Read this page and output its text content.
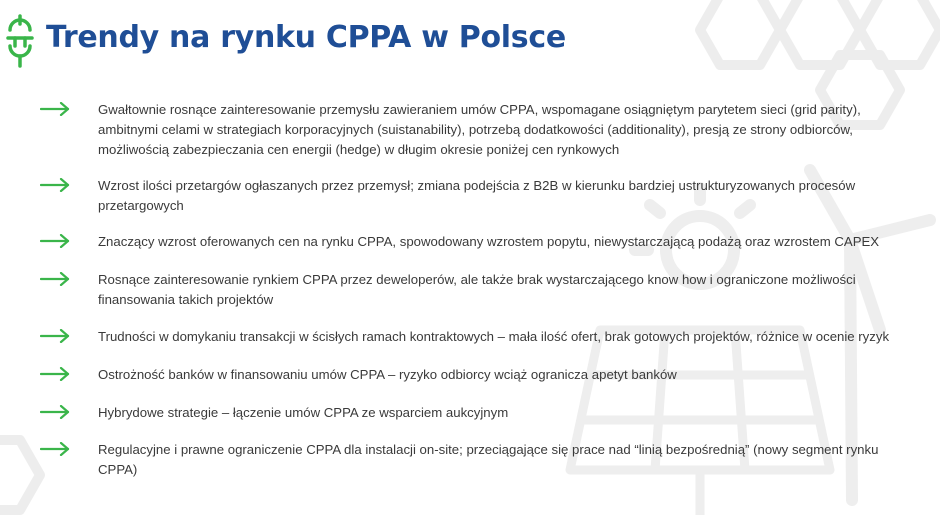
Trendy na rynku CPPA w Polsce
Gwałtownie rosnące zainteresowanie przemysłu zawieraniem umów CPPA, wspomagane osiągniętym parytetem sieci (grid parity), ambitnymi celami w strategiach korporacyjnych (suistanability), potrzebą dodatkowości (additionality), presją ze strony odbiorców, możliwością zabezpieczania cen energii (hedge) w długim okresie poniżej cen rynkowych
Wzrost ilości przetargów ogłaszanych przez przemysł; zmiana podejścia z B2B w kierunku bardziej ustrukturyzowanych procesów przetargowych
Znaczący wzrost oferowanych cen na rynku CPPA, spowodowany wzrostem popytu, niewystarczającą podażą oraz wzrostem CAPEX
Rosnące zainteresowanie rynkiem CPPA przez deweloperów, ale także brak wystarczającego know how i ograniczone możliwości finansowania takich projektów
Trudności w domykaniu transakcji w ścisłych ramach kontraktowych – mała ilość ofert, brak gotowych projektów, różnice w ocenie ryzyk
Ostrożność banków w finansowaniu umów CPPA – ryzyko odbiorcy wciąż ogranicza apetyt banków
Hybrydowe strategie – łączenie umów CPPA ze wsparciem aukcyjnym
Regulacyjne i prawne ograniczenie CPPA dla instalacji on-site; przeciągające się prace nad “linią bezpośrednią” (nowy segment rynku CPPA)
